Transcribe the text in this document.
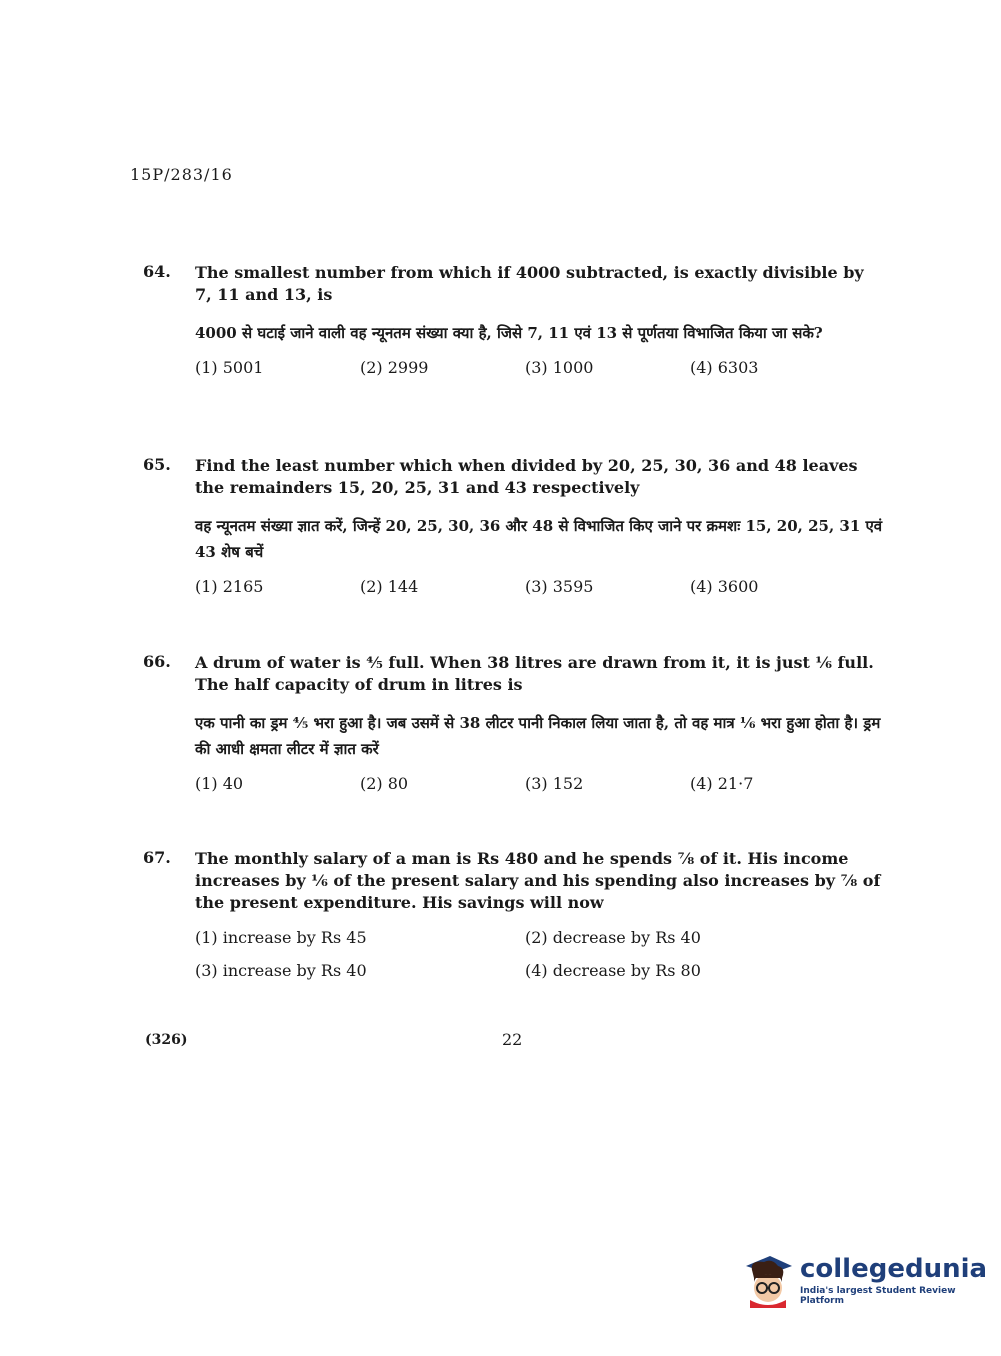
15P/283/16
64.	The smallest number from which if 4000 subtracted, is exactly divisible by 7, 11 and 13, is
4000 से घटाई जाने वाली वह न्यूनतम संख्या क्या है, जिसे 7, 11 एवं 13 से पूर्णतया विभाजित किया जा सके?
(1) 5001	(2) 2999	(3) 1000	(4) 6303
65.	Find the least number which when divided by 20, 25, 30, 36 and 48 leaves the remainders 15, 20, 25, 31 and 43 respectively
वह न्यूनतम संख्या ज्ञात करें, जिन्हें 20, 25, 30, 36 और 48 से विभाजित किए जाने पर क्रमशः 15, 20, 25, 31 एवं 43 शेष बचें
(1) 2165	(2) 144	(3) 3595	(4) 3600
66.	A drum of water is ⅘ full. When 38 litres are drawn from it, it is just ⅙ full. The half capacity of drum in litres is
एक पानी का ड्रम ⅘ भरा हुआ है। जब उसमें से 38 लीटर पानी निकाल लिया जाता है, तो वह मात्र ⅙ भरा हुआ होता है। ड्रम की आधी क्षमता लीटर में ज्ञात करें
(1) 40	(2) 80	(3) 152	(4) 21·7
67.	The monthly salary of a man is Rs 480 and he spends ⅞ of it. His income increases by ⅙ of the present salary and his spending also increases by ⅞ of the present expenditure. His savings will now
(1) increase by Rs 45	(2) decrease by Rs 40
(3) increase by Rs 40	(4) decrease by Rs 80
(326)	22
collegedunia
India's largest Student Review Platform
